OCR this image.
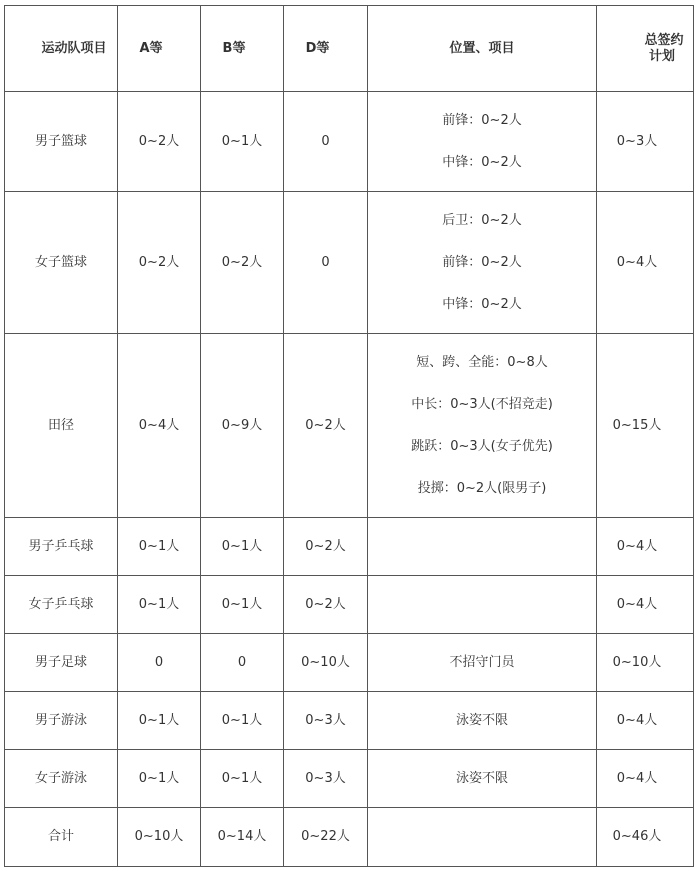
运动队项目	A等	B等	D等	位置、项目	总签约
计划

男子篮球	0~2人	0~1人	0	前锋：0~2人
中锋：0~2人	0~3人
女子篮球	0~2人	0~2人	0	后卫：0~2人
前锋：0~2人
中锋：0~2人	0~4人
田径	0~4人	0~9人	0~2人	短、跨、全能：0~8人
中长：0~3人(不招竞走)
跳跃：0~3人(女子优先)
投掷：0~2人(限男子)	0~15人
男子乒乓球	0~1人	0~1人	0~2人		0~4人
女子乒乓球	0~1人	0~1人	0~2人		0~4人
男子足球	0	0	0~10人	不招守门员	0~10人
男子游泳	0~1人	0~1人	0~3人	泳姿不限	0~4人
女子游泳	0~1人	0~1人	0~3人	泳姿不限	0~4人
合计	0~10人	0~14人	0~22人		0~46人
